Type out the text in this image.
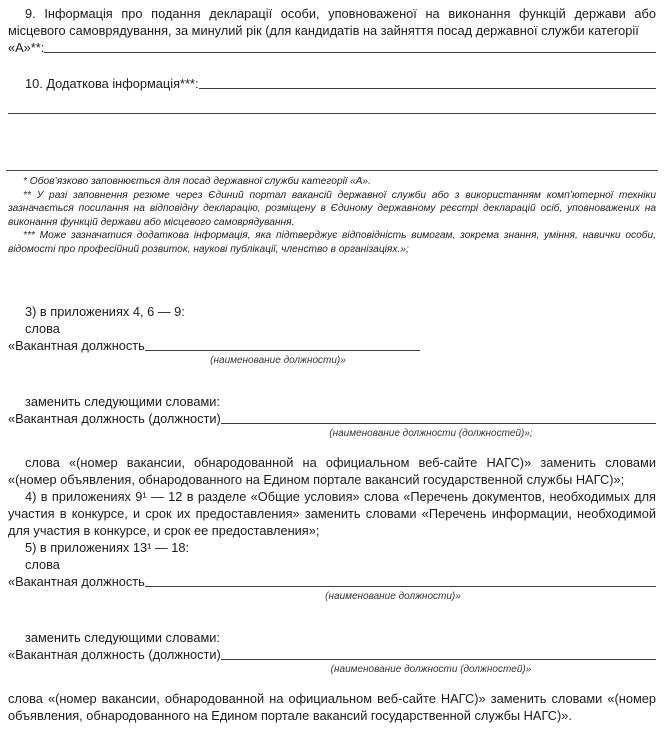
9. Інформація про подання декларації особи, уповноваженої на виконання функцій держави або місцевого самоврядування, за минулий рік (для кандидатів на зайняття посад державної служби категорії

«А»**:
10. Додаткова інформація***:

* Обов’язково заповнюється для посад державної служби категорії «А».

** У разі заповнення резюме через Єдиний портал вакансій державної служби або з використанням комп’ютерної техніки зазначається посилання на відповідну декларацію, розміщену в Єдиному державному реєстрі декларацій осіб, уповноважених на виконання функцій держави або місцевого самоврядування.

*** Може зазначатися додаткова інформація, яка підтверджує відповідність вимогам, зокрема знання, уміння, навички особи, відомості про професійний розвиток, наукові публікації, членство в організаціях.»;

3) в приложениях 4, 6 — 9:

слова

«Вакантная должность
(наименование должности)»

заменить следующими словами:

«Вакантная должность (должности)
(наименование должности (должностей)»;

слова «(номер вакансии, обнародованной на официальном веб-сайте НАГС)» заменить словами «(номер объявления, обнародованного на Едином портале вакансий государственной службы НАГС)»;

4) в приложениях 9¹ — 12 в разделе «Общие условия» слова «Перечень документов, необходимых для участия в конкурсе, и срок их предоставления» заменить словами «Перечень информации, необходимой для участия в конкурсе, и срок ее предоставления»;

5) в приложениях 13¹ — 18:

слова

«Вакантная должность
(наименование должности)»

заменить следующими словами:

«Вакантная должность (должности)
(наименование должности (должностей)»

слова «(номер вакансии, обнародованной на официальном веб-сайте НАГС)» заменить словами «(номер объявления, обнародованного на Едином портале вакансий государственной службы НАГС)».
